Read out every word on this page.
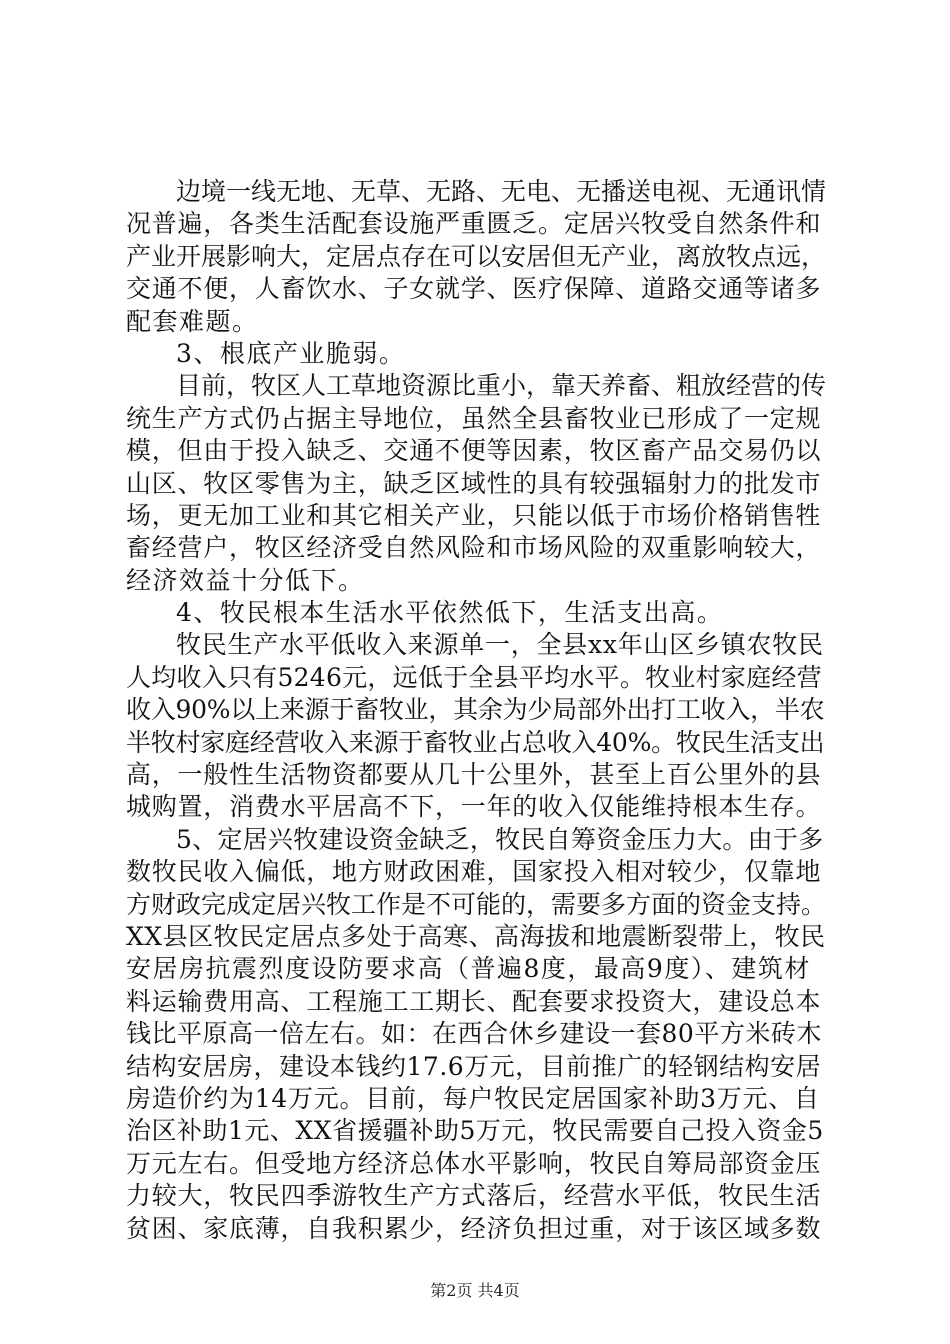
边境一线无地、无草、无路、无电、无播送电视、无通讯情
况普遍，各类生活配套设施严重匮乏。定居兴牧受自然条件和
产业开展影响大，定居点存在可以安居但无产业，离放牧点远，
交通不便，人畜饮水、子女就学、医疗保障、道路交通等诸多
配套难题。
3、根底产业脆弱。
目前，牧区人工草地资源比重小，靠天养畜、粗放经营的传
统生产方式仍占据主导地位，虽然全县畜牧业已形成了一定规
模，但由于投入缺乏、交通不便等因素，牧区畜产品交易仍以
山区、牧区零售为主，缺乏区域性的具有较强辐射力的批发市
场，更无加工业和其它相关产业，只能以低于市场价格销售牲
畜经营户，牧区经济受自然风险和市场风险的双重影响较大，
经济效益十分低下。
4、牧民根本生活水平依然低下，生活支出高。
牧民生产水平低收入来源单一，全县xx年山区乡镇农牧民
人均收入只有5246元，远低于全县平均水平。牧业村家庭经营
收入90%以上来源于畜牧业，其余为少局部外出打工收入，半农
半牧村家庭经营收入来源于畜牧业占总收入40%。牧民生活支出
高，一般性生活物资都要从几十公里外，甚至上百公里外的县
城购置，消费水平居高不下，一年的收入仅能维持根本生存。
5、定居兴牧建设资金缺乏，牧民自筹资金压力大。由于多
数牧民收入偏低，地方财政困难，国家投入相对较少，仅靠地
方财政完成定居兴牧工作是不可能的，需要多方面的资金支持。
XX县区牧民定居点多处于高寒、高海拔和地震断裂带上，牧民
安居房抗震烈度设防要求高（普遍8度，最高9度）、建筑材
料运输费用高、工程施工工期长、配套要求投资大，建设总本
钱比平原高一倍左右。如：在西合休乡建设一套80平方米砖木
结构安居房，建设本钱约17.6万元，目前推广的轻钢结构安居
房造价约为14万元。目前，每户牧民定居国家补助3万元、自
治区补助1元、XX省援疆补助5万元，牧民需要自己投入资金5
万元左右。但受地方经济总体水平影响，牧民自筹局部资金压
力较大，牧民四季游牧生产方式落后，经营水平低，牧民生活
贫困、家底薄，自我积累少，经济负担过重，对于该区域多数
第2页 共4页
